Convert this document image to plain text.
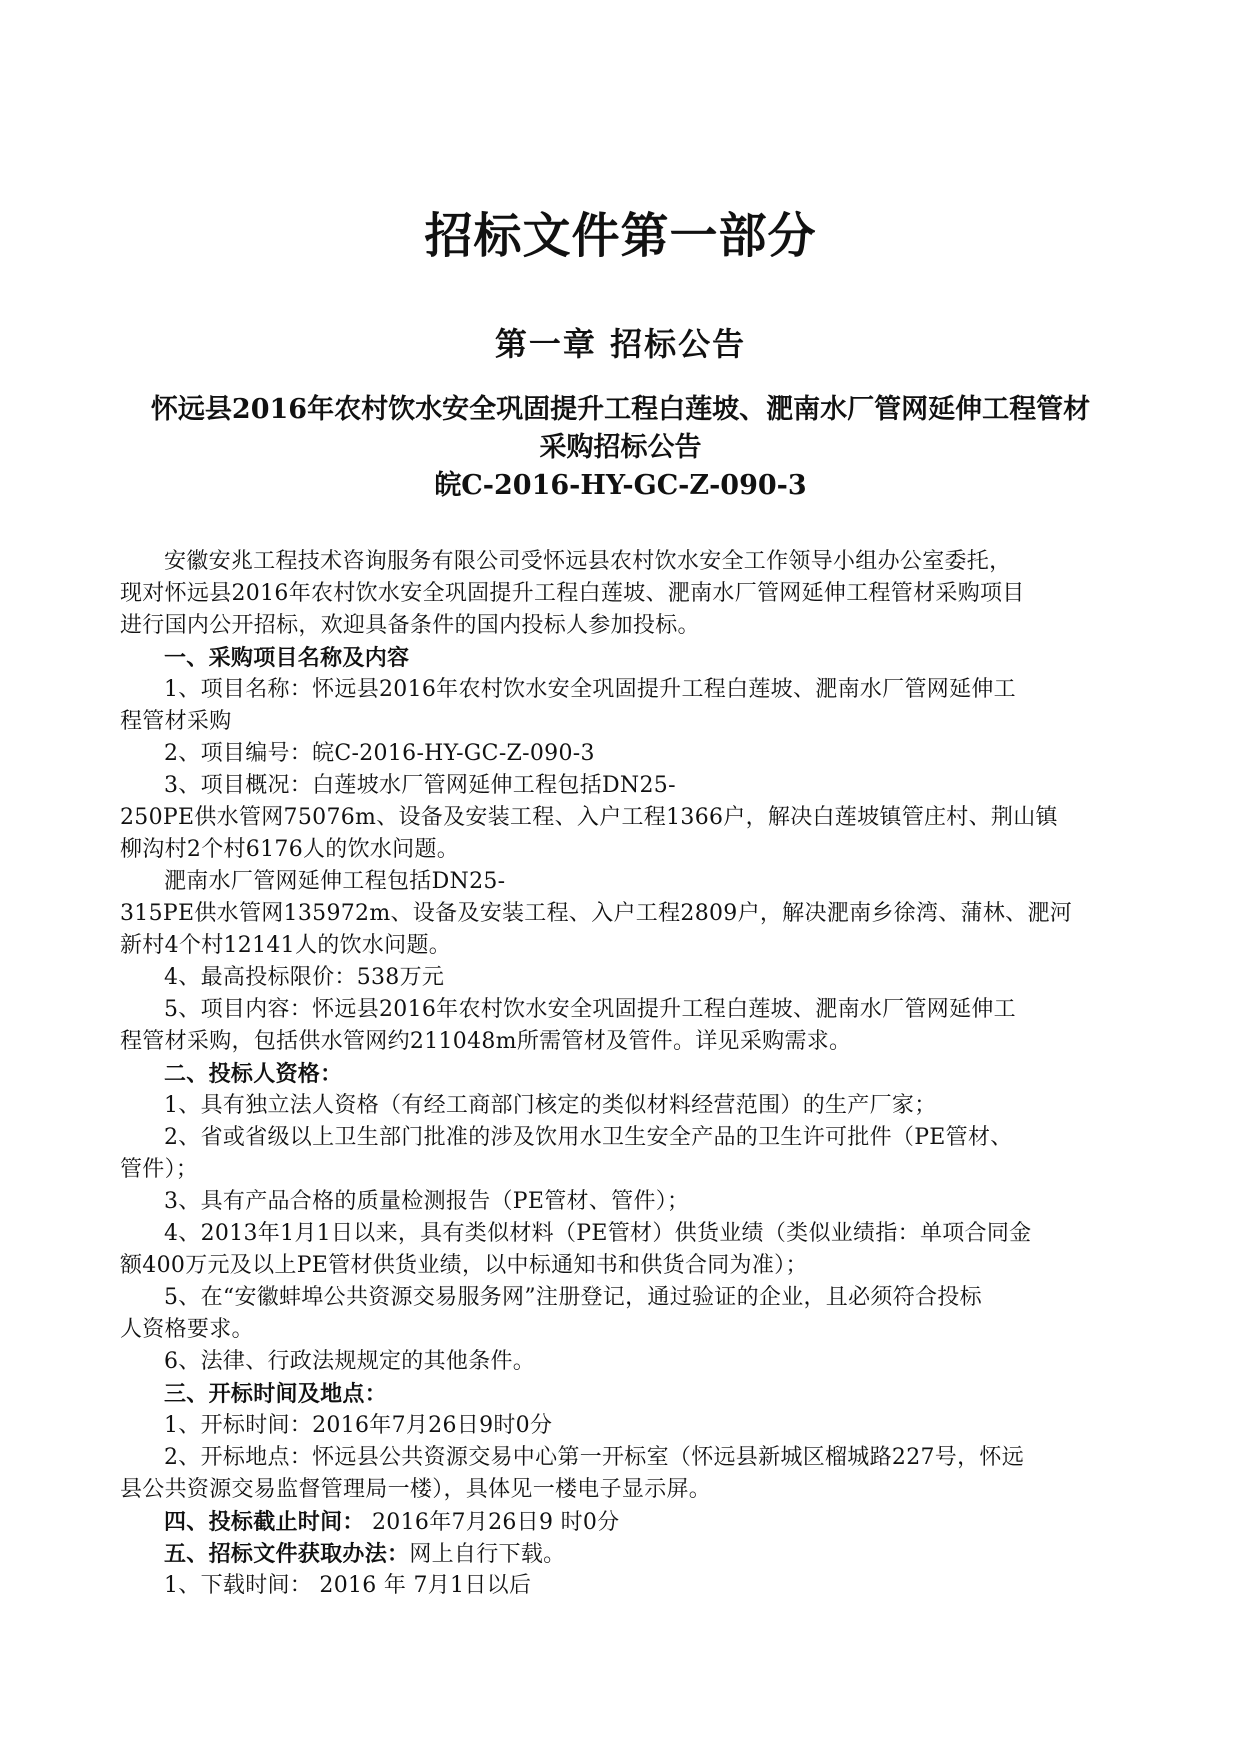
招标文件第一部分
第一章 招标公告
怀远县2016年农村饮水安全巩固提升工程白莲坡、淝南水厂管网延伸工程管材
采购招标公告
皖C-2016-HY-GC-Z-090-3
安徽安兆工程技术咨询服务有限公司受怀远县农村饮水安全工作领导小组办公室委托，
现对怀远县2016年农村饮水安全巩固提升工程白莲坡、淝南水厂管网延伸工程管材采购项目
进行国内公开招标，欢迎具备条件的国内投标人参加投标。
一、采购项目名称及内容
1、项目名称：怀远县2016年农村饮水安全巩固提升工程白莲坡、淝南水厂管网延伸工
程管材采购
2、项目编号：皖C-2016-HY-GC-Z-090-3
3、项目概况：白莲坡水厂管网延伸工程包括DN25-
250PE供水管网75076m、设备及安装工程、入户工程1366户，解决白莲坡镇管庄村、荆山镇
柳沟村2个村6176人的饮水问题。
淝南水厂管网延伸工程包括DN25-
315PE供水管网135972m、设备及安装工程、入户工程2809户，解决淝南乡徐湾、蒲林、淝河
新村4个村12141人的饮水问题。
4、最高投标限价：538万元
5、项目内容：怀远县2016年农村饮水安全巩固提升工程白莲坡、淝南水厂管网延伸工
程管材采购，包括供水管网约211048m所需管材及管件。详见采购需求。
二、投标人资格：
1、具有独立法人资格（有经工商部门核定的类似材料经营范围）的生产厂家；
2、省或省级以上卫生部门批准的涉及饮用水卫生安全产品的卫生许可批件（PE管材、
管件）；
3、具有产品合格的质量检测报告（PE管材、管件）；
4、2013年1月1日以来，具有类似材料（PE管材）供货业绩（类似业绩指：单项合同金
额400万元及以上PE管材供货业绩，以中标通知书和供货合同为准）；
5、在“安徽蚌埠公共资源交易服务网”注册登记，通过验证的企业，且必须符合投标
人资格要求。
6、法律、行政法规规定的其他条件。
三、开标时间及地点：
1、开标时间：2016年7月26日9时0分
2、开标地点：怀远县公共资源交易中心第一开标室（怀远县新城区榴城路227号，怀远
县公共资源交易监督管理局一楼），具体见一楼电子显示屏。
四、投标截止时间： 2016年7月26日9 时0分
五、招标文件获取办法：网上自行下载。
1、下载时间： 2016 年 7月1日以后
